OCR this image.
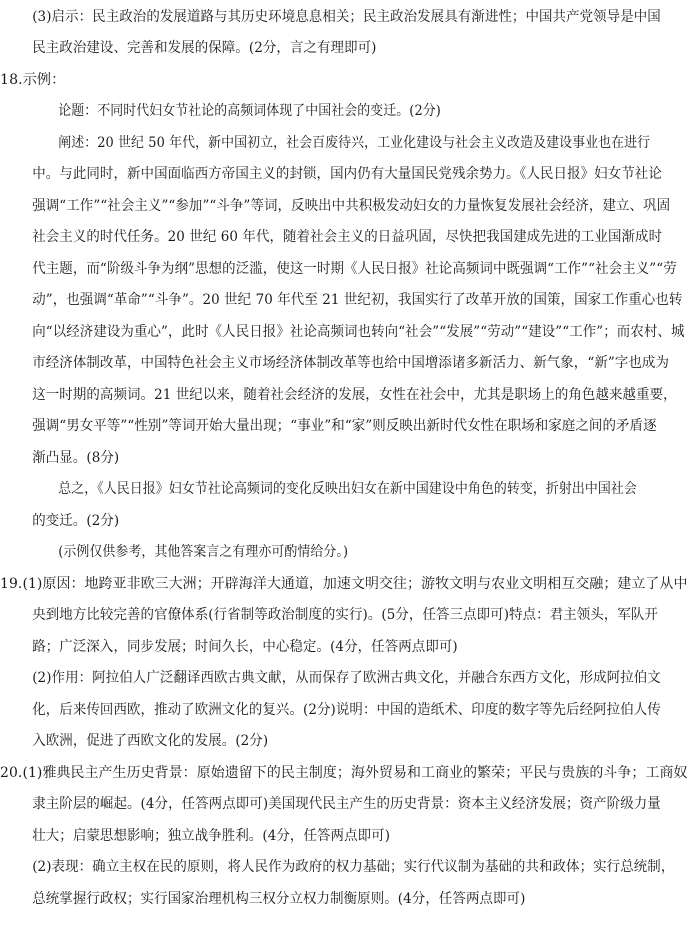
(3)启示：民主政治的发展道路与其历史环境息息相关；民主政治发展具有渐进性；中国共产党领导是中国
民主政治建设、完善和发展的保障。(2分，言之有理即可)
18.示例：
论题：不同时代妇女节社论的高频词体现了中国社会的变迁。(2分)
阐述：20 世纪 50 年代，新中国初立，社会百废待兴，工业化建设与社会主义改造及建设事业也在进行
中。与此同时，新中国面临西方帝国主义的封锁，国内仍有大量国民党残余势力。《人民日报》妇女节社论
强调“工作”“社会主义”“参加”“斗争”等词，反映出中共积极发动妇女的力量恢复发展社会经济，建立、巩固
社会主义的时代任务。20 世纪 60 年代，随着社会主义的日益巩固，尽快把我国建成先进的工业国渐成时
代主题，而“阶级斗争为纲”思想的泛滥，使这一时期《人民日报》社论高频词中既强调“工作”“社会主义”“劳
动”，也强调“革命”“斗争”。20 世纪 70 年代至 21 世纪初，我国实行了改革开放的国策，国家工作重心也转
向“以经济建设为重心”，此时《人民日报》社论高频词也转向“社会”“发展”“劳动”“建设”“工作”；而农村、城
市经济体制改革，中国特色社会主义市场经济体制改革等也给中国增添诸多新活力、新气象，“新”字也成为
这一时期的高频词。21 世纪以来，随着社会经济的发展，女性在社会中，尤其是职场上的角色越来越重要，
强调“男女平等”“性别”等词开始大量出现；“事业”和“家”则反映出新时代女性在职场和家庭之间的矛盾逐
渐凸显。(8分)
总之，《人民日报》妇女节社论高频词的变化反映出妇女在新中国建设中角色的转变，折射出中国社会
的变迁。(2分)
(示例仅供参考，其他答案言之有理亦可酌情给分。)
19.(1)原因：地跨亚非欧三大洲；开辟海洋大通道，加速文明交往；游牧文明与农业文明相互交融；建立了从中
央到地方比较完善的官僚体系(行省制等政治制度的实行)。(5分，任答三点即可)特点：君主领头，军队开
路；广泛深入，同步发展；时间久长，中心稳定。(4分，任答两点即可)
(2)作用：阿拉伯人广泛翻译西欧古典文献，从而保存了欧洲古典文化，并融合东西方文化，形成阿拉伯文
化，后来传回西欧，推动了欧洲文化的复兴。(2分)说明：中国的造纸术、印度的数字等先后经阿拉伯人传
入欧洲，促进了西欧文化的发展。(2分)
20.(1)雅典民主产生历史背景：原始遗留下的民主制度；海外贸易和工商业的繁荣；平民与贵族的斗争；工商奴
隶主阶层的崛起。(4分，任答两点即可)美国现代民主产生的历史背景：资本主义经济发展；资产阶级力量
壮大；启蒙思想影响；独立战争胜利。(4分，任答两点即可)
(2)表现：确立主权在民的原则，将人民作为政府的权力基础；实行代议制为基础的共和政体；实行总统制，
总统掌握行政权；实行国家治理机构三权分立权力制衡原则。(4分，任答两点即可)
